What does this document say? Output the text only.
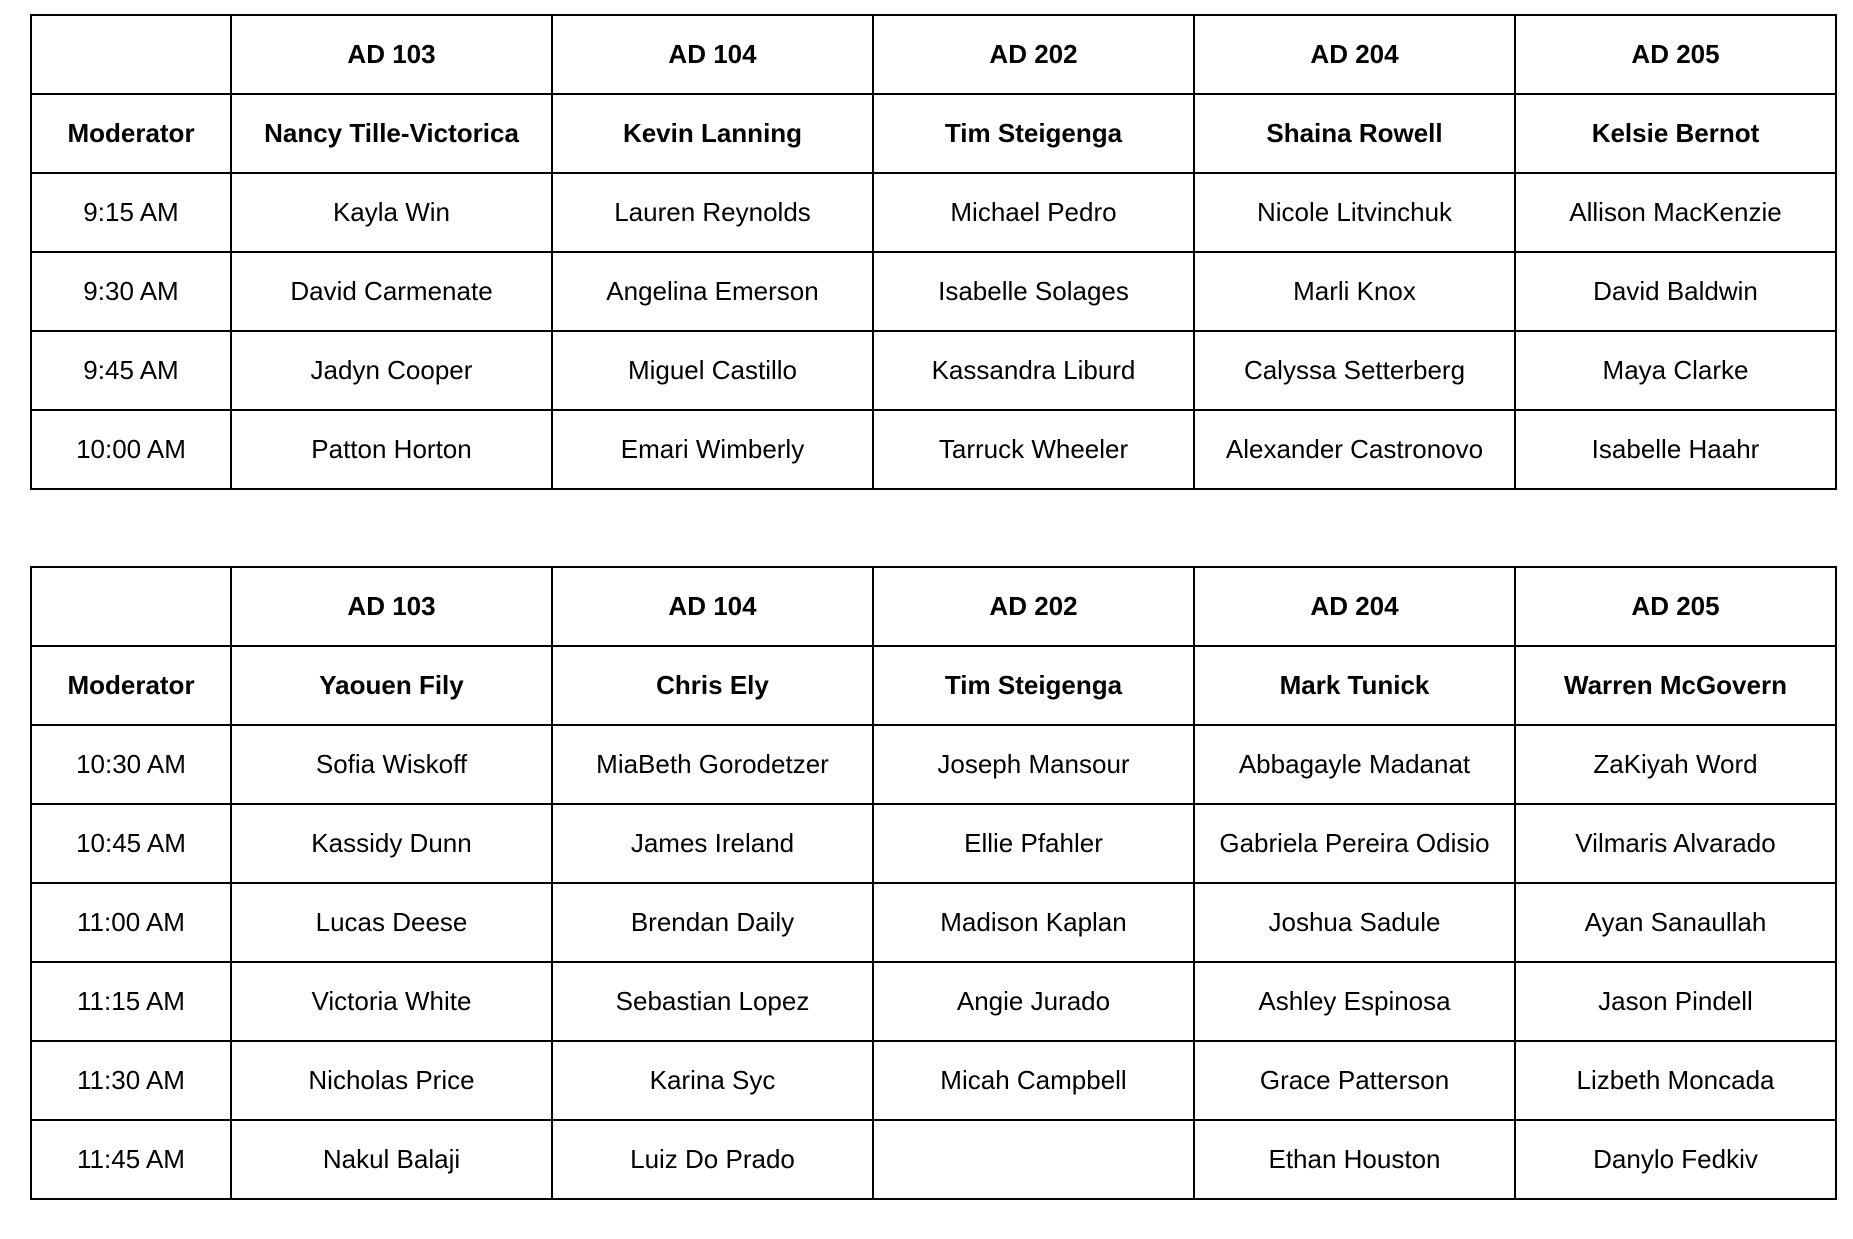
	AD 103	AD 104	AD 202	AD 204	AD 205
Moderator	Nancy Tille-Victorica	Kevin Lanning	Tim Steigenga	Shaina Rowell	Kelsie Bernot
9:15 AM	Kayla Win	Lauren Reynolds	Michael Pedro	Nicole Litvinchuk	Allison MacKenzie
9:30 AM	David Carmenate	Angelina Emerson	Isabelle Solages	Marli Knox	David Baldwin
9:45 AM	Jadyn Cooper	Miguel Castillo	Kassandra Liburd	Calyssa Setterberg	Maya Clarke
10:00 AM	Patton Horton	Emari Wimberly	Tarruck Wheeler	Alexander Castronovo	Isabelle Haahr
	AD 103	AD 104	AD 202	AD 204	AD 205
Moderator	Yaouen Fily	Chris Ely	Tim Steigenga	Mark Tunick	Warren McGovern
10:30 AM	Sofia Wiskoff	MiaBeth Gorodetzer	Joseph Mansour	Abbagayle Madanat	ZaKiyah Word
10:45 AM	Kassidy Dunn	James Ireland	Ellie Pfahler	Gabriela Pereira Odisio	Vilmaris Alvarado
11:00 AM	Lucas Deese	Brendan Daily	Madison Kaplan	Joshua Sadule	Ayan Sanaullah
11:15 AM	Victoria White	Sebastian Lopez	Angie Jurado	Ashley Espinosa	Jason Pindell
11:30 AM	Nicholas Price	Karina Syc	Micah Campbell	Grace Patterson	Lizbeth Moncada
11:45 AM	Nakul Balaji	Luiz Do Prado		Ethan Houston	Danylo Fedkiv
